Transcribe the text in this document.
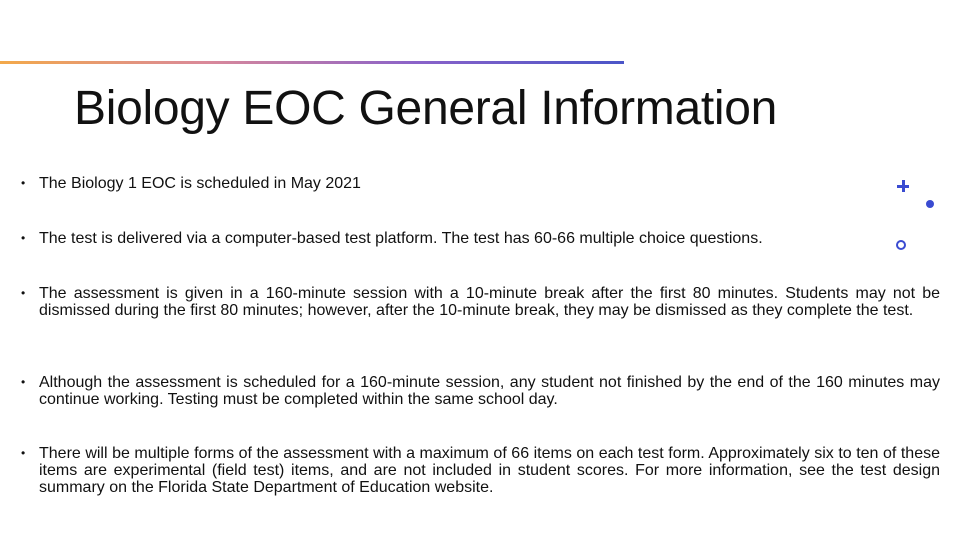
Biology EOC General Information
• The Biology 1 EOC is scheduled in May 2021
• The test is delivered via a computer-based test platform. The test has 60-66 multiple choice questions.
• The assessment is given in a 160-minute session with a 10-minute break after the first 80 minutes. Students may not be dismissed during the first 80 minutes; however, after the 10-minute break, they may be dismissed as they complete the test.
• Although the assessment is scheduled for a 160-minute session, any student not finished by the end of the 160 minutes may continue working. Testing must be completed within the same school day.
• There will be multiple forms of the assessment with a maximum of 66 items on each test form. Approximately six to ten of these items are experimental (field test) items, and are not included in student scores. For more information, see the test design summary on the Florida State Department of Education website.
